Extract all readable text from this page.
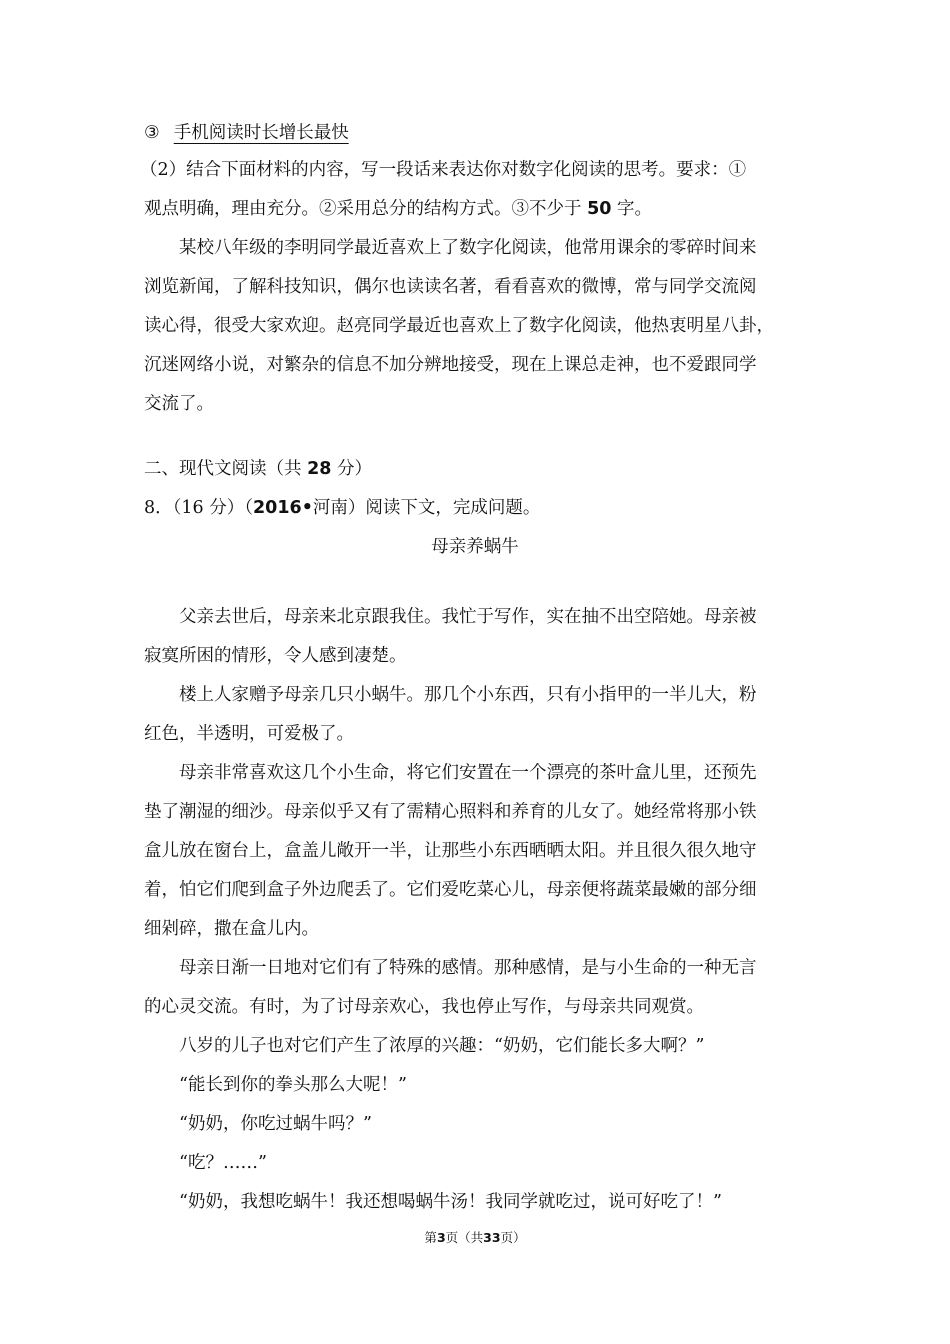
③ 手机阅读时长增长最快
（2）结合下面材料的内容，写一段话来表达你对数字化阅读的思考。要求：①
观点明确，理由充分。②采用总分的结构方式。③不少于 50 字。
某校八年级的李明同学最近喜欢上了数字化阅读，他常用课余的零碎时间来
浏览新闻，了解科技知识，偶尔也读读名著，看看喜欢的微博，常与同学交流阅
读心得，很受大家欢迎。赵亮同学最近也喜欢上了数字化阅读，他热衷明星八卦，
沉迷网络小说，对繁杂的信息不加分辨地接受，现在上课总走神，也不爱跟同学
交流了。
二、现代文阅读（共 28 分）
8．（16 分）（2016•河南）阅读下文，完成问题。
母亲养蜗牛
父亲去世后，母亲来北京跟我住。我忙于写作，实在抽不出空陪她。母亲被
寂寞所困的情形，令人感到凄楚。
楼上人家赠予母亲几只小蜗牛。那几个小东西，只有小指甲的一半儿大，粉
红色，半透明，可爱极了。
母亲非常喜欢这几个小生命，将它们安置在一个漂亮的茶叶盒儿里，还预先
垫了潮湿的细沙。母亲似乎又有了需精心照料和养育的儿女了。她经常将那小铁
盒儿放在窗台上，盒盖儿敞开一半，让那些小东西晒晒太阳。并且很久很久地守
着，怕它们爬到盒子外边爬丢了。它们爱吃菜心儿，母亲便将蔬菜最嫩的部分细
细剁碎，撒在盒儿内。
母亲日渐一日地对它们有了特殊的感情。那种感情，是与小生命的一种无言
的心灵交流。有时，为了讨母亲欢心，我也停止写作，与母亲共同观赏。
八岁的儿子也对它们产生了浓厚的兴趣：“奶奶，它们能长多大啊？”
“能长到你的拳头那么大呢！”
“奶奶，你吃过蜗牛吗？”
“吃？……”
“奶奶，我想吃蜗牛！我还想喝蜗牛汤！我同学就吃过，说可好吃了！”
第3页（共33页）
